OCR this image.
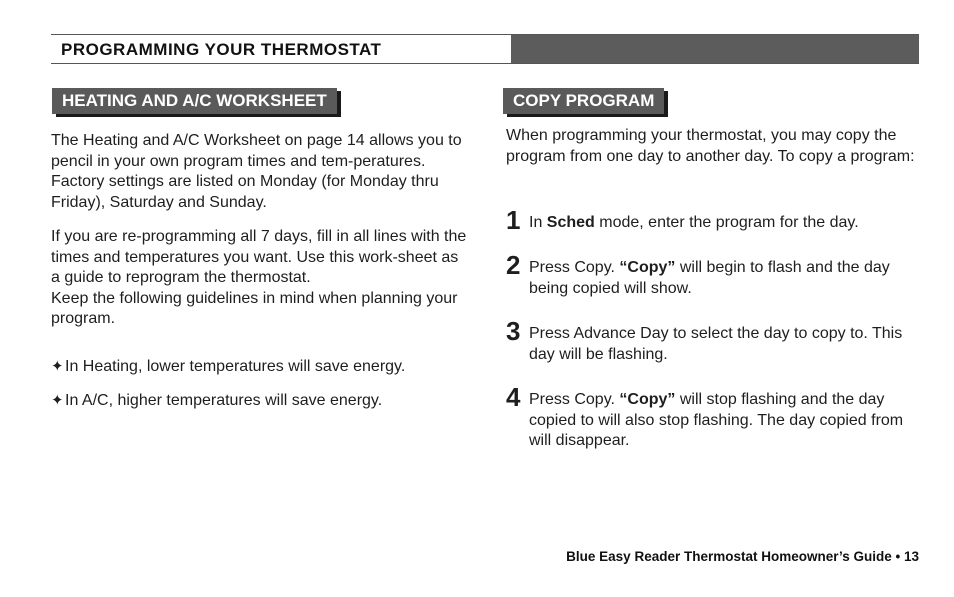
PROGRAMMING YOUR THERMOSTAT
HEATING AND A/C WORKSHEET	COPY PROGRAM

The Heating and A/C Worksheet on page 14 allows you to pencil in your own program times and tem-peratures. Factory settings are listed on Monday (for Monday thru Friday), Saturday and Sunday.

If you are re-programming all 7 days, fill in all lines with the times and temperatures you want. Use this work-sheet as a guide to reprogram the thermostat.

Keep the following guidelines in mind when planning your program.

✦In Heating, lower temperatures will save energy.

✦In A/C, higher temperatures will save energy.

When programming your thermostat, you may copy the program from one day to another day. To copy a program:

1 In Sched mode, enter the program for the day.
2 Press Copy. “Copy” will begin to flash and the day being copied will show.
3 Press Advance Day to select the day to copy to. This day will be flashing.
4 Press Copy. “Copy” will stop flashing and the day copied to will also stop flashing. The day copied from will disappear.
Blue Easy Reader Thermostat Homeowner’s Guide • 13
